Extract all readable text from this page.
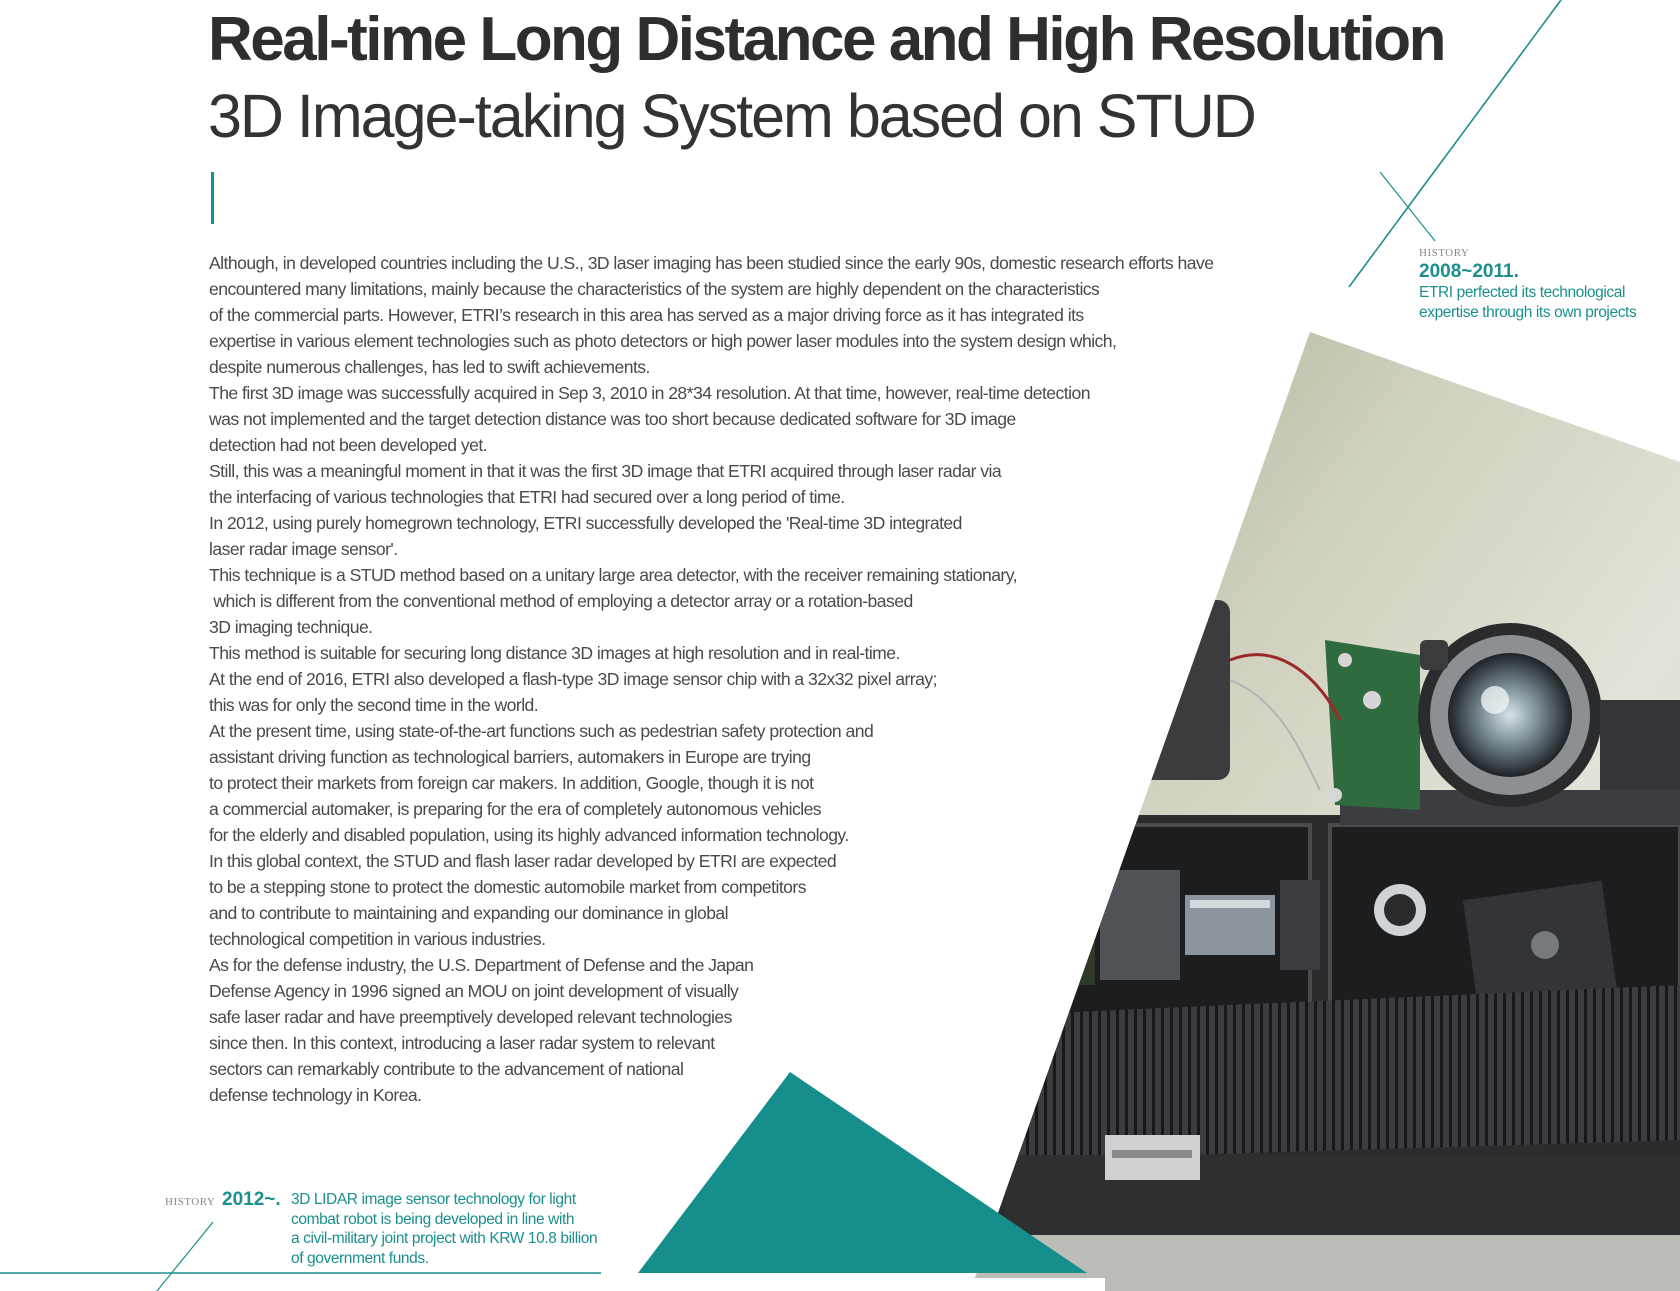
Real-time Long Distance and High Resolution
3D Image-taking System based on STUD
Although, in developed countries including the U.S., 3D laser imaging has been studied since the early 90s, domestic research efforts have
encountered many limitations, mainly because the characteristics of the system are highly dependent on the characteristics
of the commercial parts. However, ETRI’s research in this area has served as a major driving force as it has integrated its
expertise in various element technologies such as photo detectors or high power laser modules into the system design which,
despite numerous challenges, has led to swift achievements.
The first 3D image was successfully acquired in Sep 3, 2010 in 28*34 resolution. At that time, however, real-time detection
was not implemented and the target detection distance was too short because dedicated software for 3D image
detection had not been developed yet.
Still, this was a meaningful moment in that it was the first 3D image that ETRI acquired through laser radar via
the interfacing of various technologies that ETRI had secured over a long period of time.
In 2012, using purely homegrown technology, ETRI successfully developed the 'Real-time 3D integrated
laser radar image sensor'.
This technique is a STUD method based on a unitary large area detector, with the receiver remaining stationary,
which is different from the conventional method of employing a detector array or a rotation-based
3D imaging technique.
This method is suitable for securing long distance 3D images at high resolution and in real-time.
At the end of 2016, ETRI also developed a flash-type 3D image sensor chip with a 32x32 pixel array;
this was for only the second time in the world.
At the present time, using state-of-the-art functions such as pedestrian safety protection and
assistant driving function as technological barriers, automakers in Europe are trying
to protect their markets from foreign car makers. In addition, Google, though it is not
a commercial automaker, is preparing for the era of completely autonomous vehicles
for the elderly and disabled population, using its highly advanced information technology.
In this global context, the STUD and flash laser radar developed by ETRI are expected
to be a stepping stone to protect the domestic automobile market from competitors
and to contribute to maintaining and expanding our dominance in global
technological competition in various industries.
As for the defense industry, the U.S. Department of Defense and the Japan
Defense Agency in 1996 signed an MOU on joint development of visually
safe laser radar and have preemptively developed relevant technologies
since then. In this context, introducing a laser radar system to relevant
sectors can remarkably contribute to the advancement of national
defense technology in Korea.
HISTORY
2008~2011.
ETRI perfected its technological
expertise through its own projects
HISTORY 2012~. 3D LIDAR image sensor technology for light
combat robot is being developed in line with
a civil-military joint project with KRW 10.8 billion
of government funds.
